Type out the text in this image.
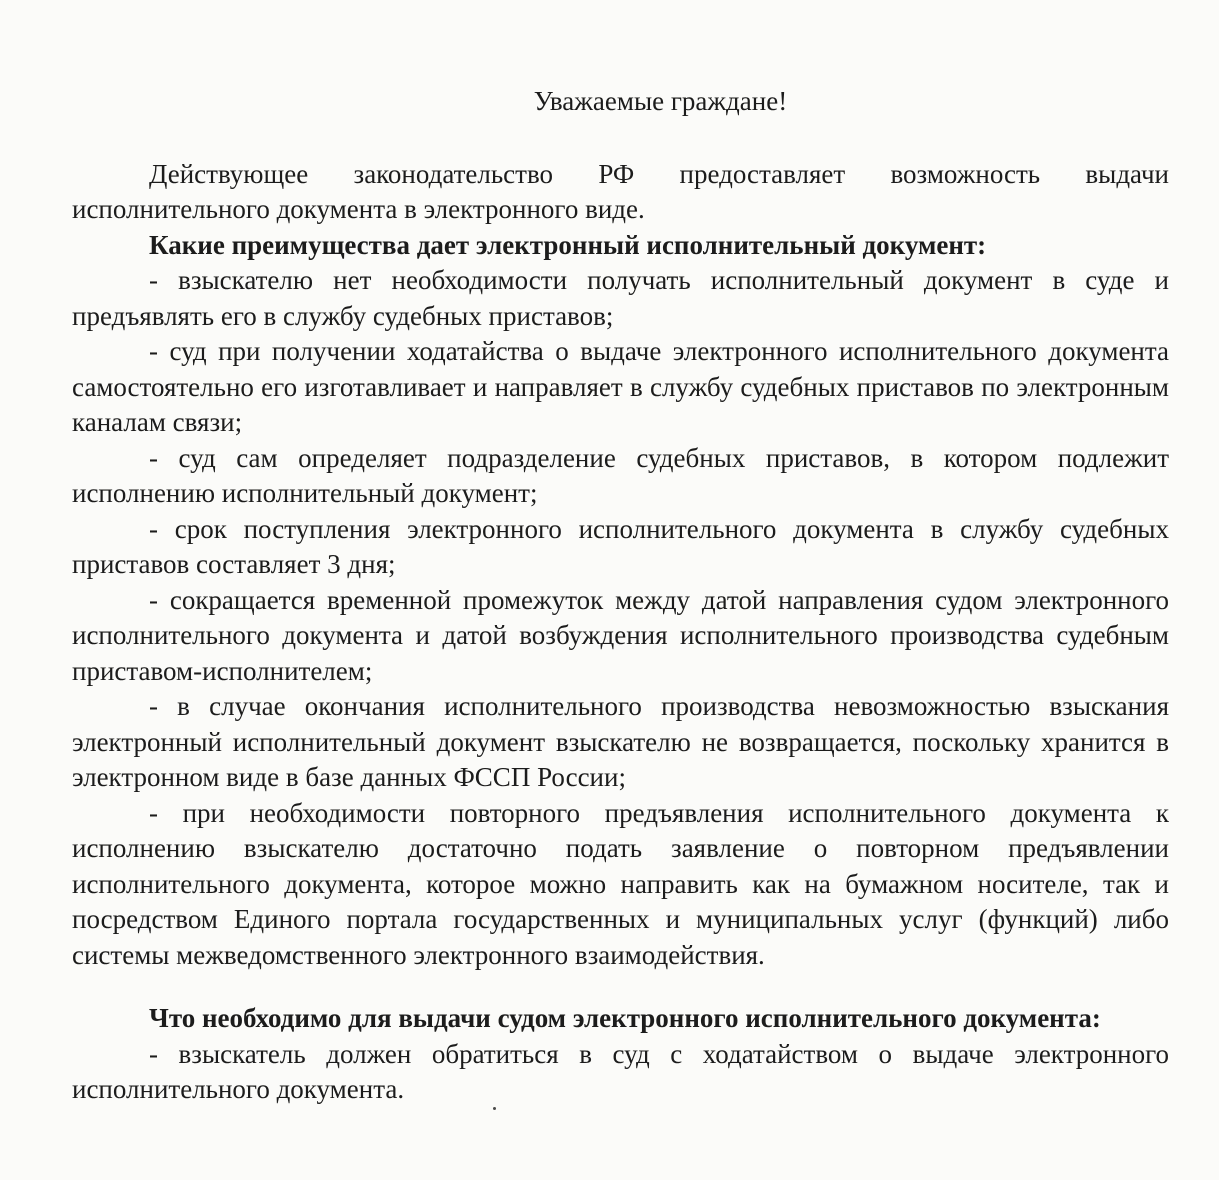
Уважаемые граждане!

Действующее законодательство РФ предоставляет возможность выдачи исполнительного документа в электронного виде.

Какие преимущества дает электронный исполнительный документ:

- взыскателю нет необходимости получать исполнительный документ в суде и предъявлять его в службу судебных приставов;

- суд при получении ходатайства о выдаче электронного исполнительного документа самостоятельно его изготавливает и направляет в службу судебных приставов по электронным каналам связи;

- суд сам определяет подразделение судебных приставов, в котором подлежит исполнению исполнительный документ;

- срок поступления электронного исполнительного документа в службу судебных приставов составляет 3 дня;

- сокращается временной промежуток между датой направления судом электронного исполнительного документа и датой возбуждения исполнительного производства судебным приставом-исполнителем;

- в случае окончания исполнительного производства невозможностью взыскания электронный исполнительный документ взыскателю не возвращается, поскольку хранится в электронном виде в базе данных ФССП России;

- при необходимости повторного предъявления исполнительного документа к исполнению взыскателю достаточно подать заявление о повторном предъявлении исполнительного документа, которое можно направить как на бумажном носителе, так и посредством Единого портала государственных и муниципальных услуг (функций) либо системы межведомственного электронного взаимодействия.

Что необходимо для выдачи судом электронного исполнительного документа:

- взыскатель должен обратиться в суд с ходатайством о выдаче электронного исполнительного документа.
